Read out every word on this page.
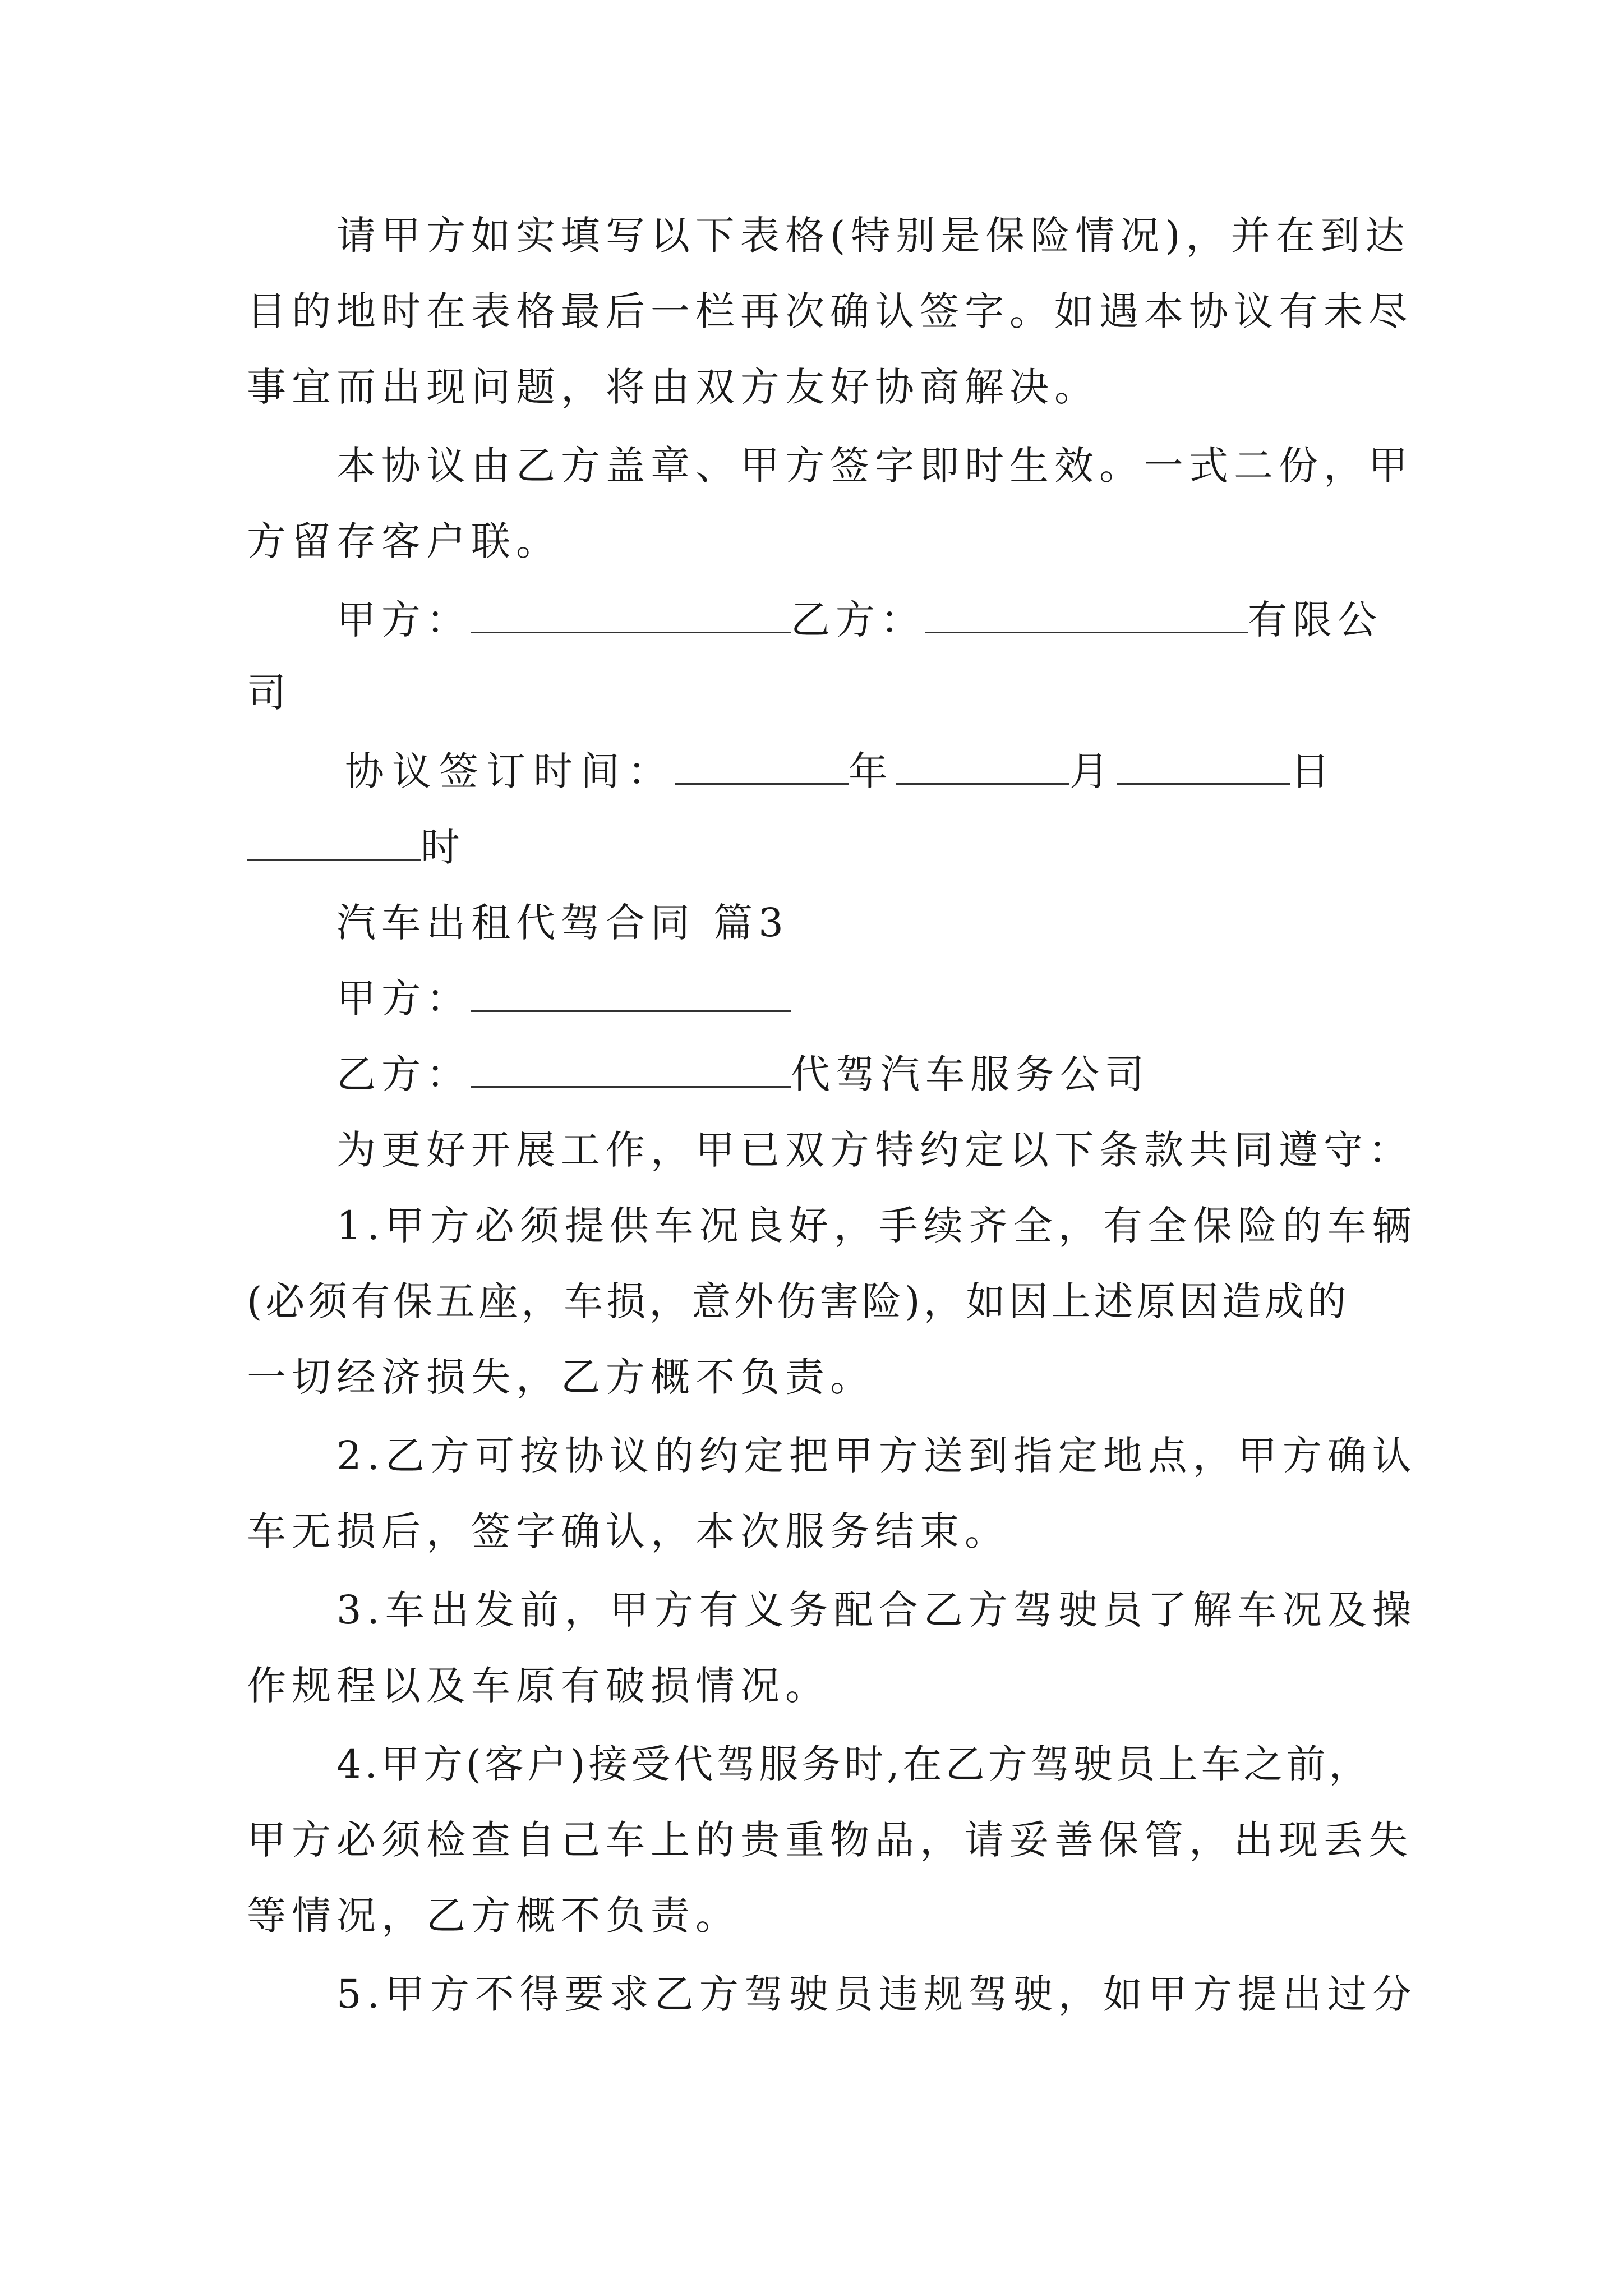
请甲方如实填写以下表格(特别是保险情况)，并在到达
目的地时在表格最后一栏再次确认签字。如遇本协议有未尽
事宜而出现问题，将由双方友好协商解决。
本协议由乙方盖章、甲方签字即时生效。一式二份，甲
方留存客户联。
甲方：	乙方：	有限公
司
协议签订时间：	年	月	日
时
汽车出租代驾合同 篇3
甲方：
乙方：	代驾汽车服务公司
为更好开展工作，甲已双方特约定以下条款共同遵守：
1.甲方必须提供车况良好，手续齐全，有全保险的车辆
(必须有保五座，车损，意外伤害险)，如因上述原因造成的
一切经济损失，乙方概不负责。
2.乙方可按协议的约定把甲方送到指定地点，甲方确认
车无损后，签字确认，本次服务结束。
3.车出发前，甲方有义务配合乙方驾驶员了解车况及操
作规程以及车原有破损情况。
4.甲方(客户)接受代驾服务时,在乙方驾驶员上车之前，
甲方必须检查自己车上的贵重物品，请妥善保管，出现丢失
等情况，乙方概不负责。
5.甲方不得要求乙方驾驶员违规驾驶，如甲方提出过分
